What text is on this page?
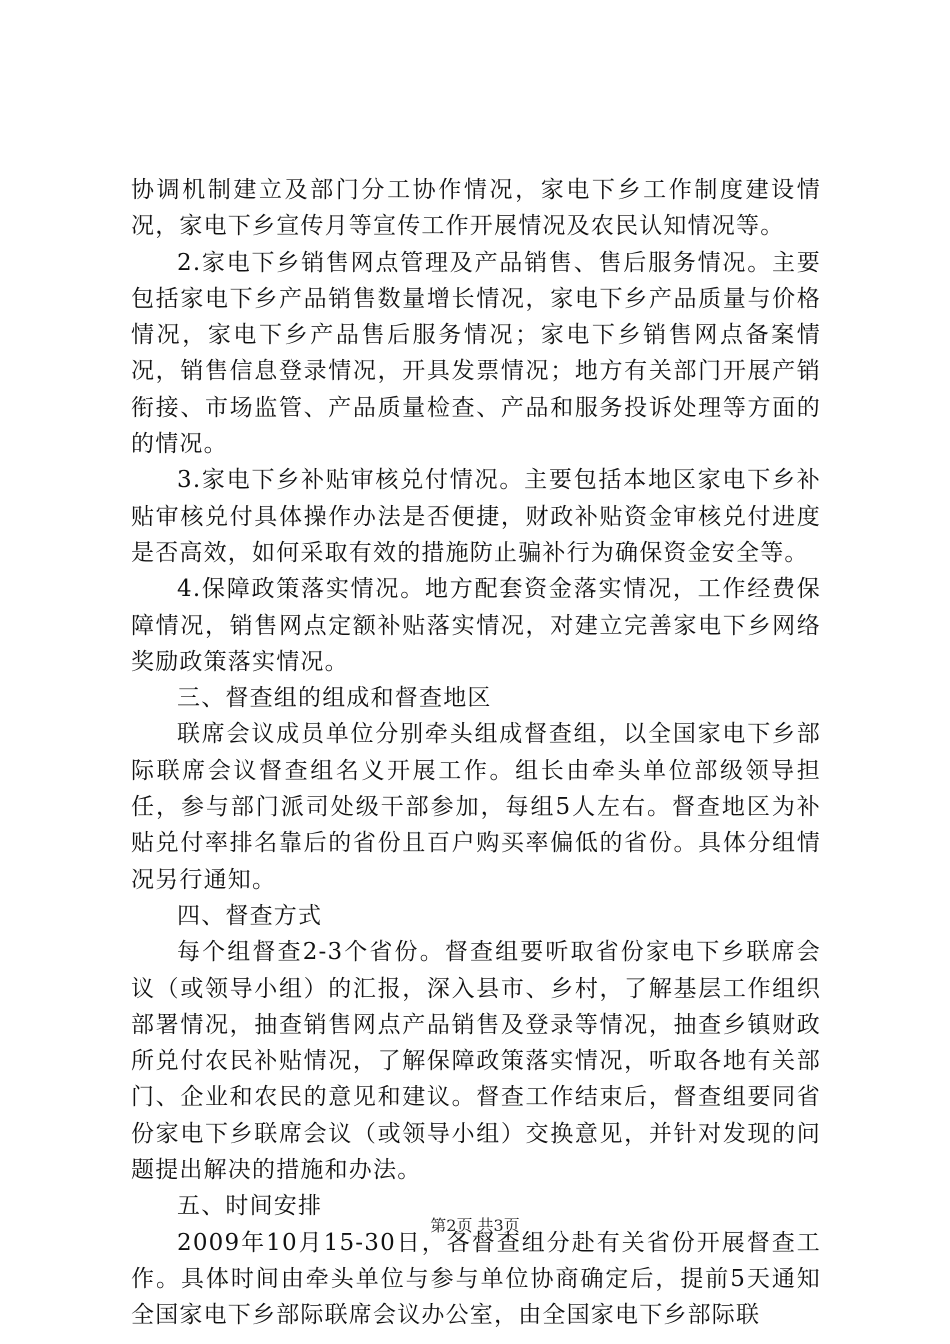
协调机制建立及部门分工协作情况，家电下乡工作制度建设情况，家电下乡宣传月等宣传工作开展情况及农民认知情况等。

2.家电下乡销售网点管理及产品销售、售后服务情况。主要包括家电下乡产品销售数量增长情况，家电下乡产品质量与价格情况，家电下乡产品售后服务情况；家电下乡销售网点备案情况，销售信息登录情况，开具发票情况；地方有关部门开展产销衔接、市场监管、产品质量检查、产品和服务投诉处理等方面的的情况。

3.家电下乡补贴审核兑付情况。主要包括本地区家电下乡补贴审核兑付具体操作办法是否便捷，财政补贴资金审核兑付进度是否高效，如何采取有效的措施防止骗补行为确保资金安全等。

4.保障政策落实情况。地方配套资金落实情况，工作经费保障情况，销售网点定额补贴落实情况，对建立完善家电下乡网络奖励政策落实情况。

三、督查组的组成和督查地区

联席会议成员单位分别牵头组成督查组，以全国家电下乡部际联席会议督查组名义开展工作。组长由牵头单位部级领导担任，参与部门派司处级干部参加，每组5人左右。督查地区为补贴兑付率排名靠后的省份且百户购买率偏低的省份。具体分组情况另行通知。

四、督查方式

每个组督查2-3个省份。督查组要听取省份家电下乡联席会议（或领导小组）的汇报，深入县市、乡村，了解基层工作组织部署情况，抽查销售网点产品销售及登录等情况，抽查乡镇财政所兑付农民补贴情况，了解保障政策落实情况，听取各地有关部门、企业和农民的意见和建议。督查工作结束后，督查组要同省份家电下乡联席会议（或领导小组）交换意见，并针对发现的问题提出解决的措施和办法。

五、时间安排

2009年10月15-30日，各督查组分赴有关省份开展督查工作。具体时间由牵头单位与参与单位协商确定后，提前5天通知全国家电下乡部际联席会议办公室，由全国家电下乡部际联

第2页 共3页
